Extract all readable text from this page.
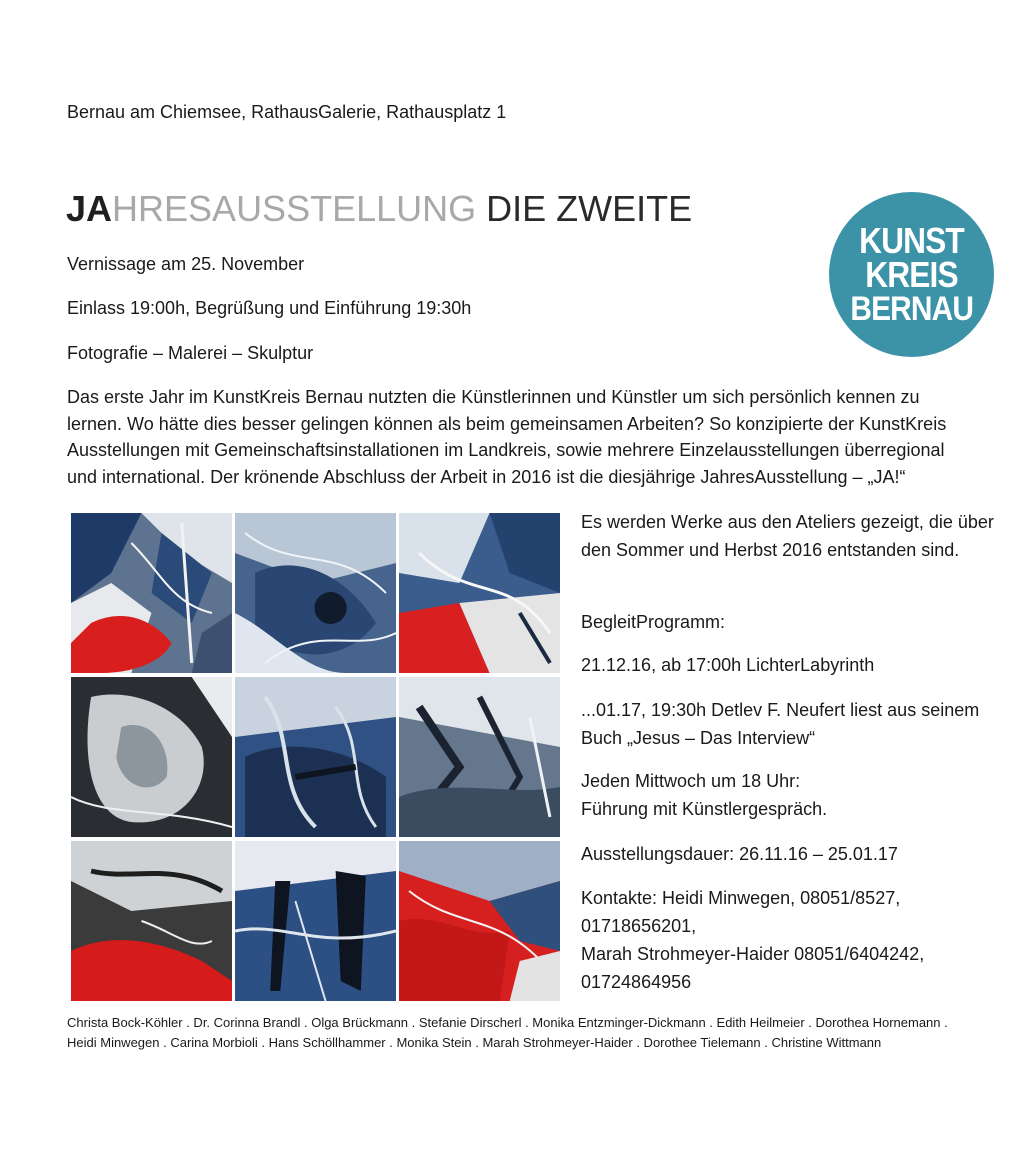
Bernau am Chiemsee, RathausGalerie, Rathausplatz 1
JAHRESAUSSTELLUNG DIE ZWEITE
KUNST
KREIS
BERNAU
Vernissage am 25. November
Einlass 19:00h, Begrüßung und Einführung 19:30h
Fotografie – Malerei – Skulptur
Das erste Jahr im KunstKreis Bernau nutzten die Künstlerinnen und Künstler um sich persönlich kennen zu lernen. Wo hätte dies besser gelingen können als beim gemeinsamen Arbeiten? So konzipierte der KunstKreis Ausstellungen mit Gemeinschaftsinstallationen im Landkreis, sowie mehrere Einzelausstellungen überregional und international. Der krönende Abschluss der Arbeit in 2016 ist die diesjährige JahresAusstellung – „JA!“
Es werden Werke aus den Ateliers gezeigt, die über den Sommer und Herbst 2016 entstanden sind.
BegleitProgramm:
21.12.16, ab 17:00h LichterLabyrinth
...01.17, 19:30h Detlev F. Neufert liest aus seinem
Buch „Jesus – Das Interview“
Jeden Mittwoch um 18 Uhr:
Führung mit Künstlergespräch.
Ausstellungsdauer: 26.11.16 – 25.01.17
Kontakte: Heidi Minwegen, 08051/8527,
01718656201,
Marah Strohmeyer-Haider 08051/6404242,
01724864956
Christa Bock-Köhler . Dr. Corinna Brandl . Olga Brückmann . Stefanie Dirscherl . Monika Entzminger-Dickmann . Edith Heilmeier . Dorothea Hornemann .
Heidi Minwegen . Carina Morbioli . Hans Schöllhammer . Monika Stein . Marah Strohmeyer-Haider . Dorothee Tielemann . Christine Wittmann
